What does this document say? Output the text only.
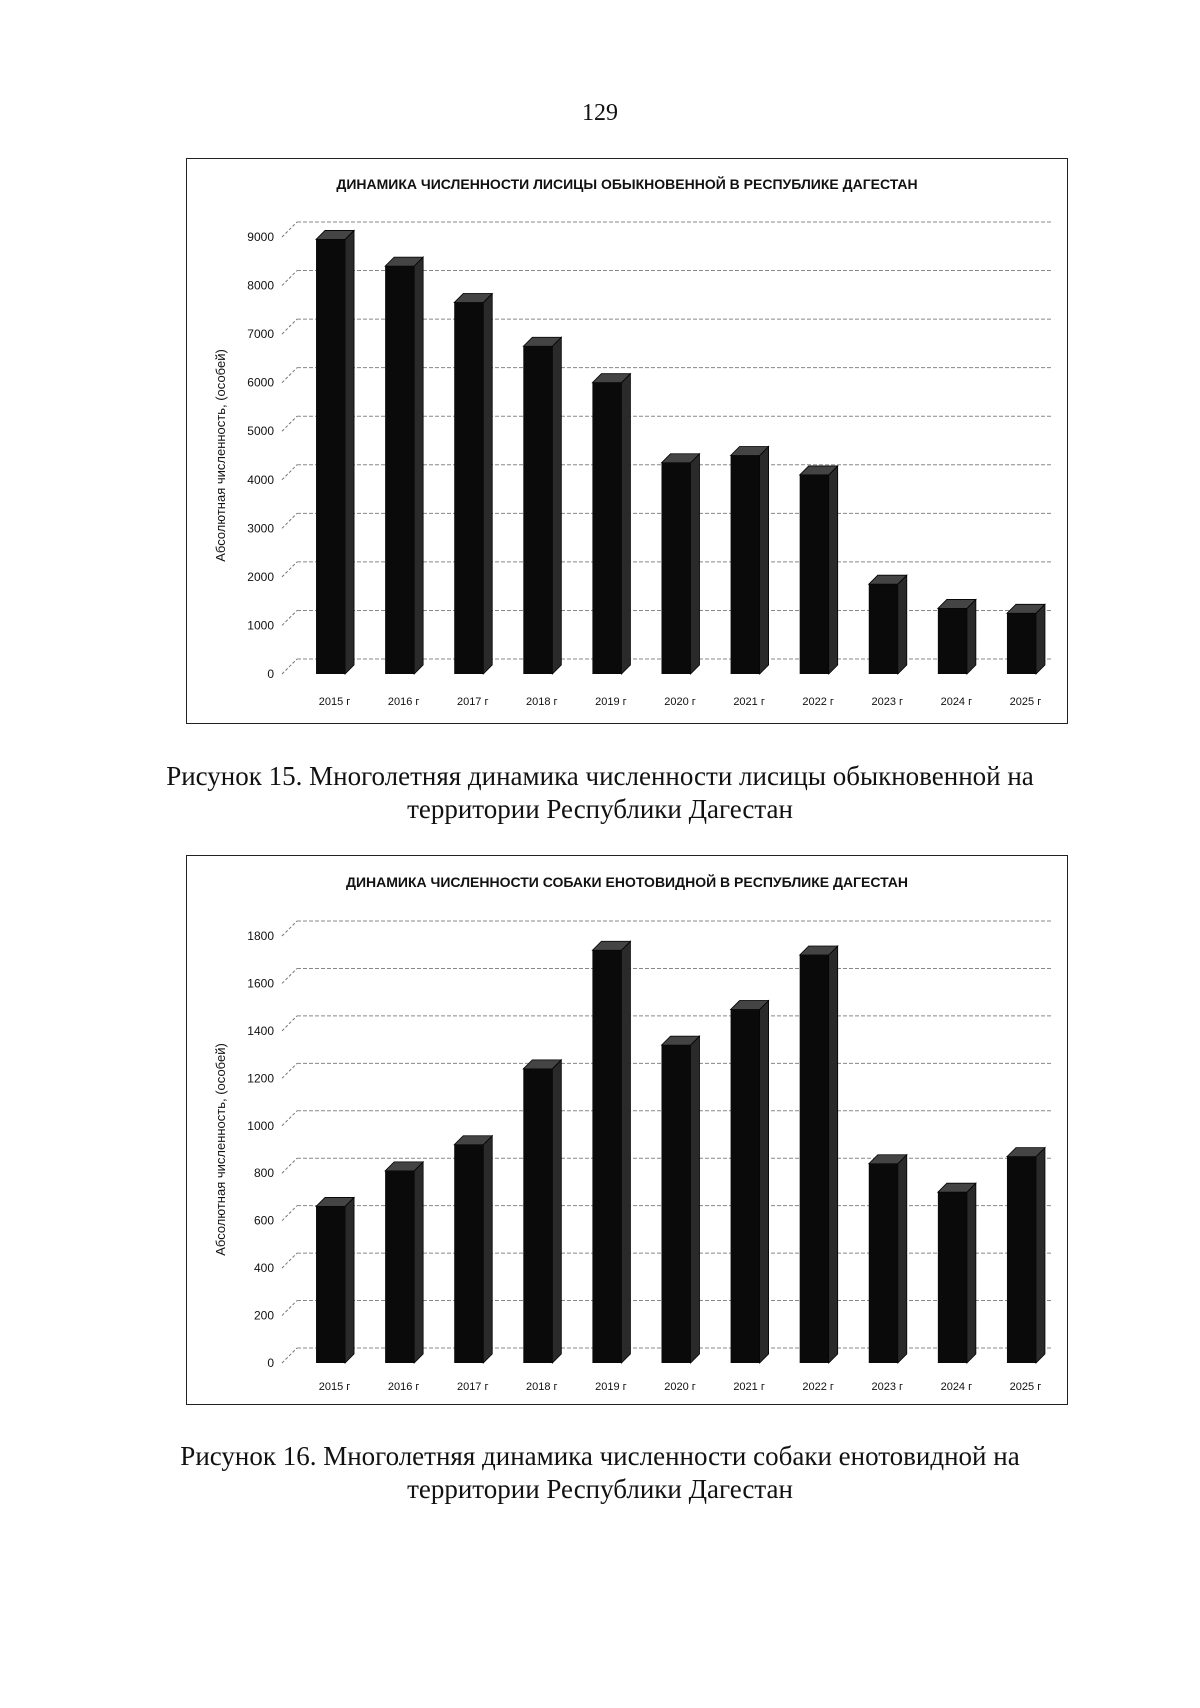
129
ДИНАМИКА ЧИСЛЕННОСТИ ЛИСИЦЫ ОБЫКНОВЕННОЙ В РЕСПУБЛИКЕ ДАГЕСТАН
Абсолютная численность, (особей)
0
1000
2000
3000
4000
5000
6000
7000
8000
9000
2015 г	2016 г	2017 г	2018 г	2019 г	2020 г	2021 г	2022 г	2023 г	2024 г	2025 г
Рисунок 15. Многолетняя динамика численности лисицы обыкновенной на
территории Республики Дагестан
ДИНАМИКА ЧИСЛЕННОСТИ СОБАКИ ЕНОТОВИДНОЙ В РЕСПУБЛИКЕ ДАГЕСТАН
Абсолютная численность, (особей)
0
200
400
600
800
1000
1200
1400
1600
1800
2015 г	2016 г	2017 г	2018 г	2019 г	2020 г	2021 г	2022 г	2023 г	2024 г	2025 г
Рисунок 16. Многолетняя динамика численности собаки енотовидной на
территории Республики Дагестан
